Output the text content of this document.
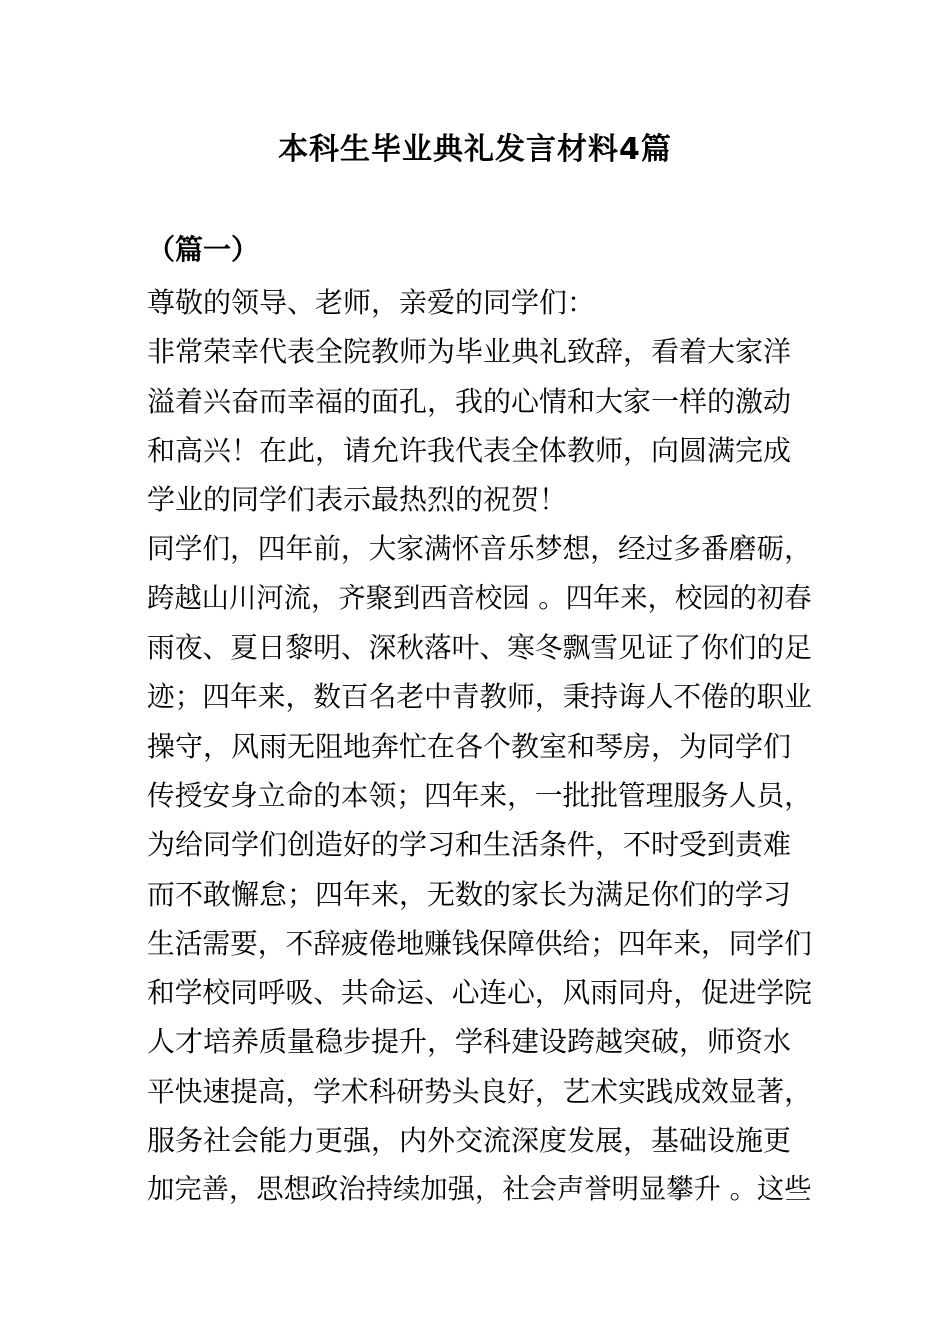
本科生毕业典礼发言材料4篇
（篇一）
尊敬的领导、老师，亲爱的同学们：
非常荣幸代表全院教师为毕业典礼致辞，看着大家洋
溢着兴奋而幸福的面孔，我的心情和大家一样的激动
和高兴！在此，请允许我代表全体教师，向圆满完成
学业的同学们表示最热烈的祝贺！
同学们，四年前，大家满怀音乐梦想，经过多番磨砺，
跨越山川河流，齐聚到西音校园 。四年来，校园的初春
雨夜、夏日黎明、深秋落叶、寒冬飘雪见证了你们的足
迹；四年来，数百名老中青教师，秉持诲人不倦的职业
操守，风雨无阻地奔忙在各个教室和琴房，为同学们
传授安身立命的本领；四年来，一批批管理服务人员，
为给同学们创造好的学习和生活条件，不时受到责难
而不敢懈怠；四年来，无数的家长为满足你们的学习
生活需要，不辞疲倦地赚钱保障供给；四年来，同学们
和学校同呼吸、共命运、心连心，风雨同舟，促进学院
人才培养质量稳步提升，学科建设跨越突破，师资水
平快速提高，学术科研势头良好，艺术实践成效显著，
服务社会能力更强，内外交流深度发展，基础设施更
加完善，思想政治持续加强，社会声誉明显攀升 。这些
